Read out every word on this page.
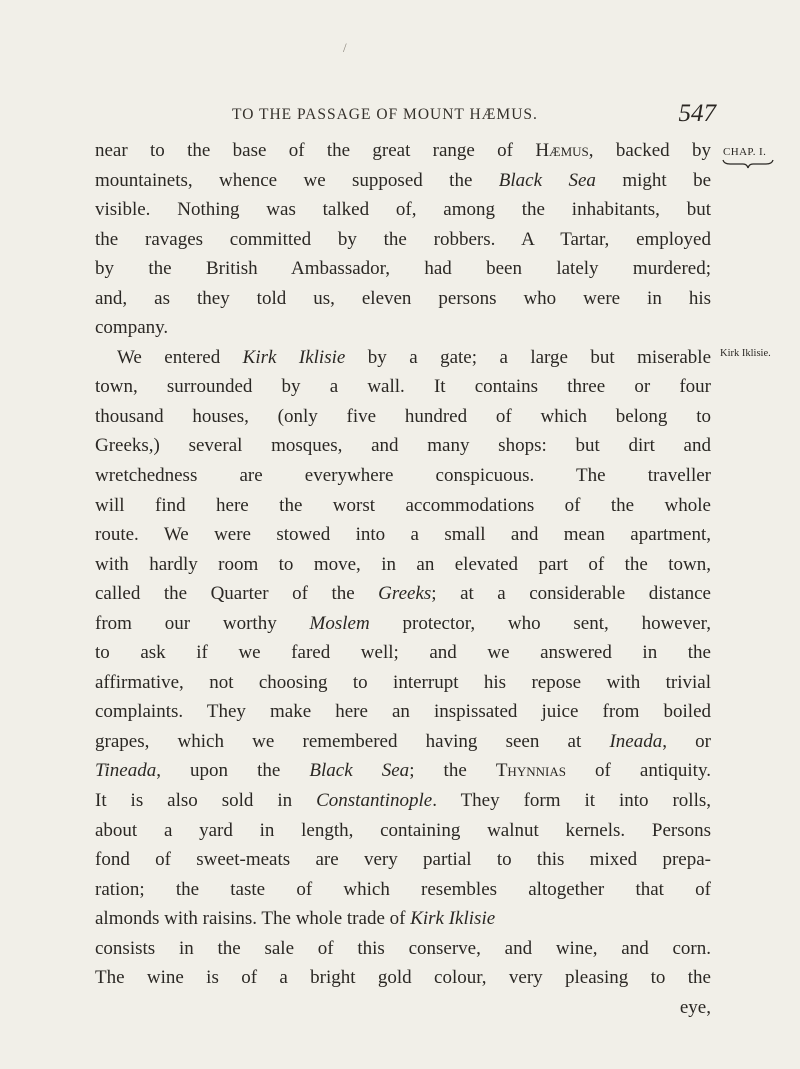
/
TO THE PASSAGE OF MOUNT HÆMUS.	547
CHAP. I.
Kirk Iklisie.
near to the base of the great range of Hæmus, backed by
mountainets, whence we supposed the Black Sea might be
visible. Nothing was talked of, among the inhabitants, but
the ravages committed by the robbers. A Tartar, employed
by the British Ambassador, had been lately murdered;
and, as they told us, eleven persons who were in his
company.
We entered Kirk Iklisie by a gate; a large but miserable
town, surrounded by a wall. It contains three or four
thousand houses, (only five hundred of which belong to
Greeks,) several mosques, and many shops: but dirt and
wretchedness are everywhere conspicuous. The traveller
will find here the worst accommodations of the whole
route. We were stowed into a small and mean apartment,
with hardly room to move, in an elevated part of the town,
called the Quarter of the Greeks; at a considerable distance
from our worthy Moslem protector, who sent, however,
to ask if we fared well; and we answered in the
affirmative, not choosing to interrupt his repose with trivial
complaints. They make here an inspissated juice from boiled
grapes, which we remembered having seen at Ineada, or
Tineada, upon the Black Sea; the Thynnias of antiquity.
It is also sold in Constantinople. They form it into rolls,
about a yard in length, containing walnut kernels. Persons
fond of sweet-meats are very partial to this mixed prepa-
ration; the taste of which resembles altogether that of
almonds with raisins. The whole trade of Kirk Iklisie
consists in the sale of this conserve, and wine, and corn.
The wine is of a bright gold colour, very pleasing to the
eye,
